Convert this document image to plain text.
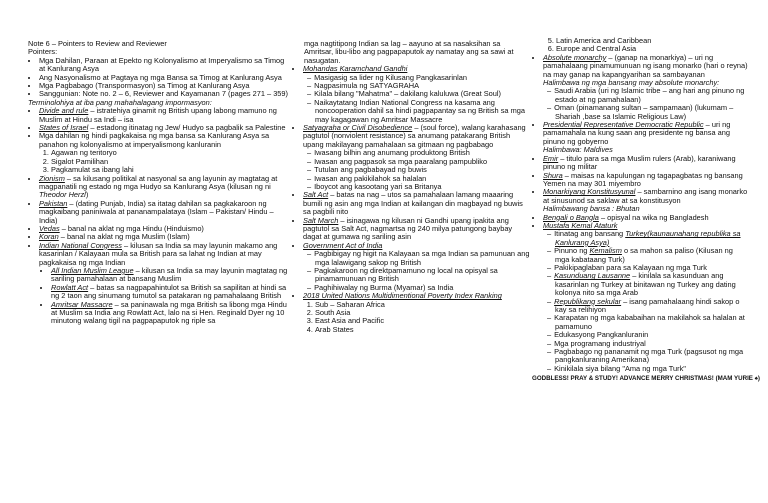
Note 6 – Pointers to Review and Reviewer

Pointers:

• Mga Dahilan, Paraan at Epekto ng Kolonyalismo at Imperyalismo sa Timog at Kanlurang Asya
• Ang Nasyonalismo at Pagtaya ng mga Bansa sa Timog at Kanlurang Asya
• Mga Pagbabago (Transpormasyon) sa Timog at Kanlurang Asya
• Sanggunian: Note no. 2 – 6, Reviewer and Kayamanan 7 (pages 271 – 359)

Terminolohiya at iba pang mahahalagang impormasyon:

• Divide and rule – istratehiya ginamit ng British upang labong mamuno ng Muslim at Hindu sa Indi – isa
• States of Israel – estadong itinatag ng Jew/ Hudyo sa pagbalik sa Palestine
• Mga dahilan ng hindi pagkakaisa ng mga bansa sa Kanlurang Asya sa panahon ng kolonyalismo at imperyalismong kanluranin
1. Agawan ng teritoryo
2. Sigalot Pamilihan
3. Pagkamulat sa ibang lahi
• Zionism – sa kilusang politikal at nasyonal sa ang layunin ay magtatag at magpanatili ng estado ng mga Hudyo sa Kanlurang Asya (kilusan ng ni Theodor Herzl)
• Pakistan – (dating Punjab, India) sa itatag dahilan sa pagkakaroon ng magkaibang paniniwala at pananampalataya (Islam – Pakistan/ Hindu – India)
• Vedas – banal na aklat ng mga Hindu (Hinduismo)
• Koran – banal na aklat ng mga Muslim (Islam)
• Indian National Congress – kilusan sa India sa may layunin makamo ang kasarinlan / Kalayaan mula sa British para sa lahat ng Indian at may pagkakaisa ng mga Indian
• All Indian Muslim League – kilusan sa India sa may layunin magtatag ng sariling pamahalaan at bansang Muslim
• Rowlatt Act – batas sa nagpapahintulot sa British sa sapilitan at hindi sa ng 2 taon ang sinumang tumutol sa patakaran ng pamahalaang British
• Amritsar Massacre – sa paninawala ng mga British sa libong mga Hindu at Muslim sa India ang Rowlatt Act, lalo na si Hen. Reginald Dyer ng 10 minutong walang tigil na pagpapaputok ng riple sa

mga nagtitipong Indian sa lag – aayuno at sa nasaksihan sa Amritsar, libu-libo ang pagpapaputok ay namatay ang sa sawi at nasugatan.

• Mohandas Karamchand Gandhi
– Masigasig sa lider ng Kilusang Pangkasarinlan
– Nagpasimula ng SATYAGRAHA
– Kilala bilang "Mahatma" – dakilang kaluluwa (Great Soul)
– Naikaytatang Indian National Congress na kasama ang noncooperation dahil sa hindi pagpapantay sa ng British sa mga may kagagawan ng Amritsar Massacre
• Satyagraha or Civil Disobedience – (soul force), walang karahasang pagtutol (nonviolent resistance) sa anumang patakarang British upang makilayang pamahalaan sa gitmaan ng pagbabago
– Iwasang bilhin ang anumang produktong British
– Iwasan ang pagpasok sa mga paaralang pampubliko
– Tutulan ang pagbabayad ng buwis
– Iwasan ang pakikilahok sa halalan
– Iboycot ang kasootang yari sa Britanya
• Salt Act – batas na nag – utos sa pamahalaan lamang maaaring bumili ng asin ang mga Indian at kailangan din magbayad ng buwis sa pagbili nito
• Salt March – isinagawa ng kilusan ni Gandhi upang ipakita ang pagtutol sa Salt Act, nagmartsa ng 240 milya patungong baybay dagat at gumawa ng sariling asin
• Government Act of India
– Pagbibigay ng higit na Kalayaan sa mga Indian sa pamunuan ang mga lalawigang sakop ng British
– Pagkakaroon ng direktpamamuno ng local na opisyal sa pinamamunuan ng British
– Paghihiwalay ng Burma (Myamar) sa India
• 2018 United Nations Multidimentional Poverty Index Ranking
1. Sub – Saharan Africa
2. South Asia
3. East Asia and Pacific
4. Arab States
5. Latin America and Caribbean
6. Europe and Central Asia
• Absolute monarchy – (ganap na monarkiya) – uri ng pamahalaang pinamumunuan ng isang monarko (hari o reyna) na may ganap na kapangyarihan sa sambayanan

Halimbawa ng mga bansang may absolute monarchy:

– Saudi Arabia (uri ng Islamic tribe – ang hari ang pinuno ng estado at ng pamahalaan)
– Oman (pinamanang sultan – sampamaan) (lukumam – Shariah ,base sa Islamic Religious Law)
• Presidential Representative Democratic Republic – uri ng pamamahala na kung saan ang presidente ng bansa ang pinuno ng gobyerno

Halimbawa: Maldives

• Emir – titulo para sa mga Muslim rulers (Arab), karaniwang pinuno ng militar
• Shura – maisas na kapulungan ng tagapagbatas ng bansang Yemen na may 301 miyembro
• Monarkiyang Konstitusyunal – sambarnino ang isang monarko at sinusunod sa saklaw at sa konstitusyon

Halimbawang bansa : Bhutan

• Bengali o Bangla – opisyal na wika ng Bangladesh
• Mustafa Kemal Ataturk
– Itinatag ang bansang Turkey(kaunaunahang republika sa Kanlurang Asya)
– Pinuno ng Kemalism o sa mahon sa paliso (Kilusan ng mga kabataang Turk)
– Pakikipaglaban para sa Kalayaan ng mga Turk
– Kasunduang Lausanne – kinilala sa kasunduan ang kasarinlan ng Turkey at binitawan ng Turkey ang dating kolonya nito sa mga Arab
– Republikang sekular – isang pamahalaang hindi sakop o kay sa relihiyon
– Karapatan ng mga kababaihan na makilahok sa halalan at pamamuno
– Edukasyong Pangkanluranin
– Mga programang industriyal
– Pagbabago ng pananamit ng mga Turk (pagsusot ng mga pangkanluraning Amerikana)
– Kinikilala siya bilang "Ama ng mga Turk"

GODBLESS! PRAY & STUDY! ADVANCE MERRY CHRISTMAS! (MAM YURIE ♠)
